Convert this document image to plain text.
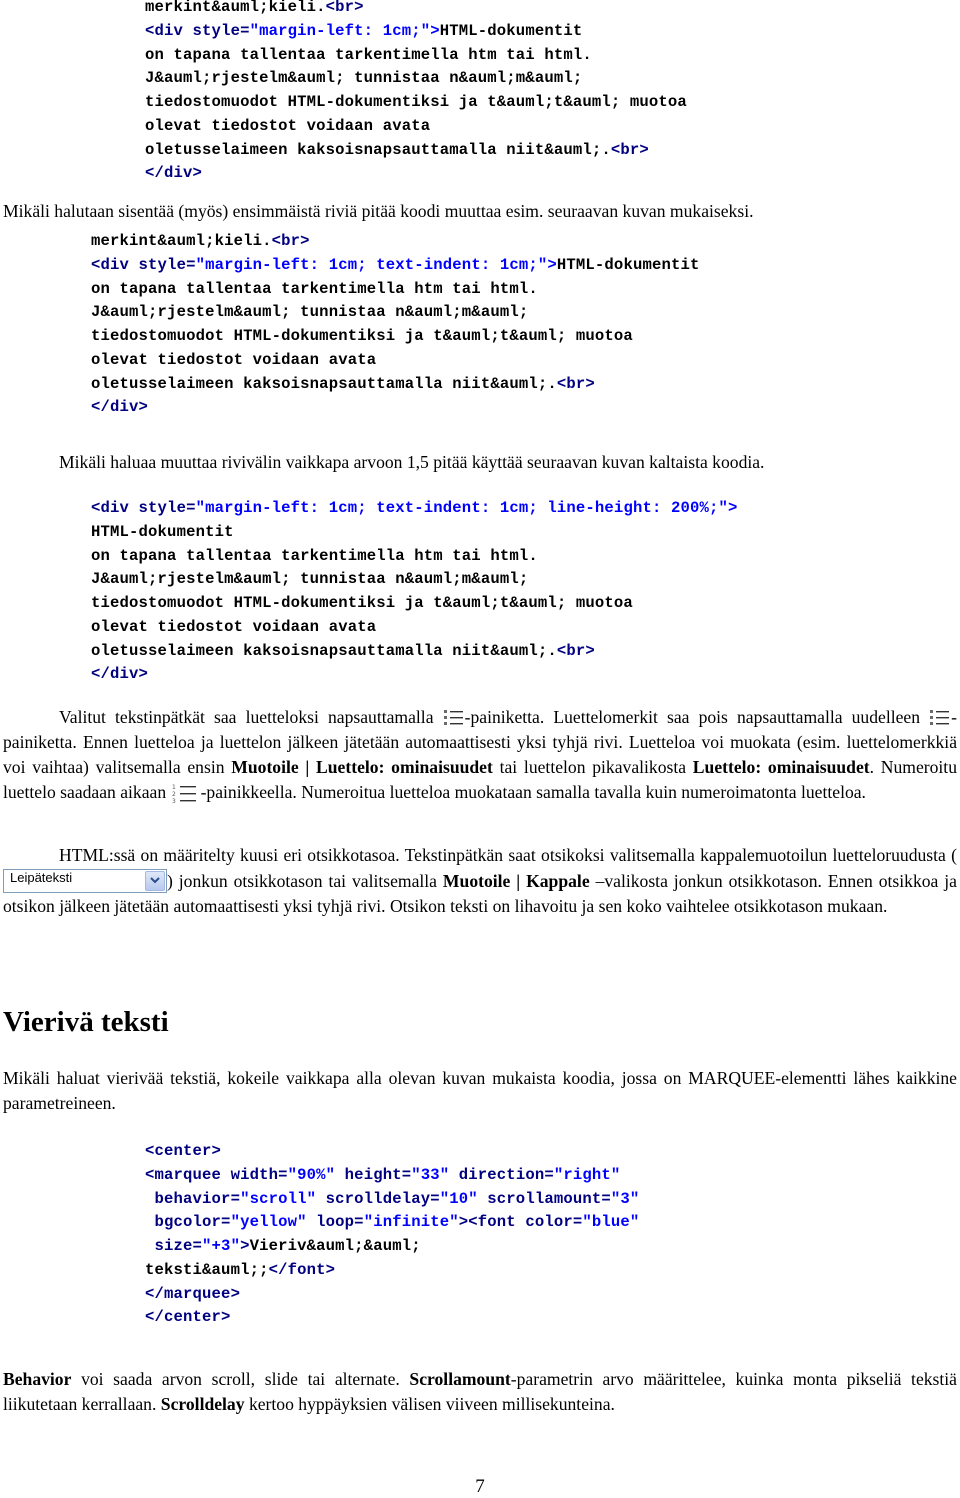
merkint&auml;kieli.<br>
<div style="margin-left: 1cm;">HTML-dokumentit
on tapana tallentaa tarkentimella htm tai html.
J&auml;rjestelm&auml; tunnistaa n&auml;m&auml;
tiedostomuodot HTML-dokumentiksi ja t&auml;t&auml; muotoa
olevat tiedostot voidaan avata
oletusselaimeen kaksoisnapsauttamalla niit&auml;.<br>
</div>
Mikäli halutaan sisentää (myös) ensimmäistä riviä pitää koodi muuttaa esim. seuraavan kuvan mukaiseksi.
merkint&auml;kieli.<br>
<div style="margin-left: 1cm; text-indent: 1cm;">HTML-dokumentit
on tapana tallentaa tarkentimella htm tai html.
J&auml;rjestelm&auml; tunnistaa n&auml;m&auml;
tiedostomuodot HTML-dokumentiksi ja t&auml;t&auml; muotoa
olevat tiedostot voidaan avata
oletusselaimeen kaksoisnapsauttamalla niit&auml;.<br>
</div>
Mikäli haluaa muuttaa rivivälin vaikkapa arvoon 1,5 pitää käyttää seuraavan kuvan kaltaista koodia.
<div style="margin-left: 1cm; text-indent: 1cm; line-height: 200%;">
HTML-dokumentit
on tapana tallentaa tarkentimella htm tai html.
J&auml;rjestelm&auml; tunnistaa n&auml;m&auml;
tiedostomuodot HTML-dokumentiksi ja t&auml;t&auml; muotoa
olevat tiedostot voidaan avata
oletusselaimeen kaksoisnapsauttamalla niit&auml;.<br>
</div>
Valitut tekstinpätkät saa luetteloksi napsauttamalla -painiketta. Luettelomerkit saa pois napsauttamalla uudelleen -painiketta. Ennen luetteloa ja luettelon jälkeen jätetään automaattisesti yksi tyhjä rivi. Luetteloa voi muokata (esim. luettelomerkkiä voi vaihtaa) valitsemalla ensin Muotoile | Luettelo: ominaisuudet tai luettelon pikavalikosta Luettelo: ominaisuudet. Numeroitu luettelo saadaan aikaan 1
2
3 -painikkeella. Numeroitua luetteloa muokataan samalla tavalla kuin numeroimatonta luetteloa.
HTML:ssä on määritelty kuusi eri otsikkotasoa. Tekstinpätkän saat otsikoksi valitsemalla kappalemuotoilun luetteloruudusta (
Leipäteksti	) jonkun otsikkotason tai valitsemalla Muotoile | Kappale –valikosta jonkun otsikkotason. Ennen otsikkoa ja otsikon jälkeen jätetään automaattisesti yksi tyhjä rivi. Otsikon teksti on lihavoitu ja sen koko vaihtelee otsikkotason mukaan.
Vierivä teksti
Mikäli haluat vierivää tekstiä, kokeile vaikkapa alla olevan kuvan mukaista koodia, jossa on MARQUEE-elementti lähes kaikkine parametreineen.
<center>
<marquee width="90%" height="33" direction="right"
behavior="scroll" scrolldelay="10" scrollamount="3"
bgcolor="yellow" loop="infinite"><font color="blue"
size="+3">Vieriv&auml;&auml;
teksti&auml;;</font>
</marquee>
</center>
Behavior voi saada arvon scroll, slide tai alternate. Scrollamount-parametrin arvo määrittelee, kuinka monta pikseliä tekstiä liikutetaan kerrallaan. Scrolldelay kertoo hyppäyksien välisen viiveen millisekunteina.
7
